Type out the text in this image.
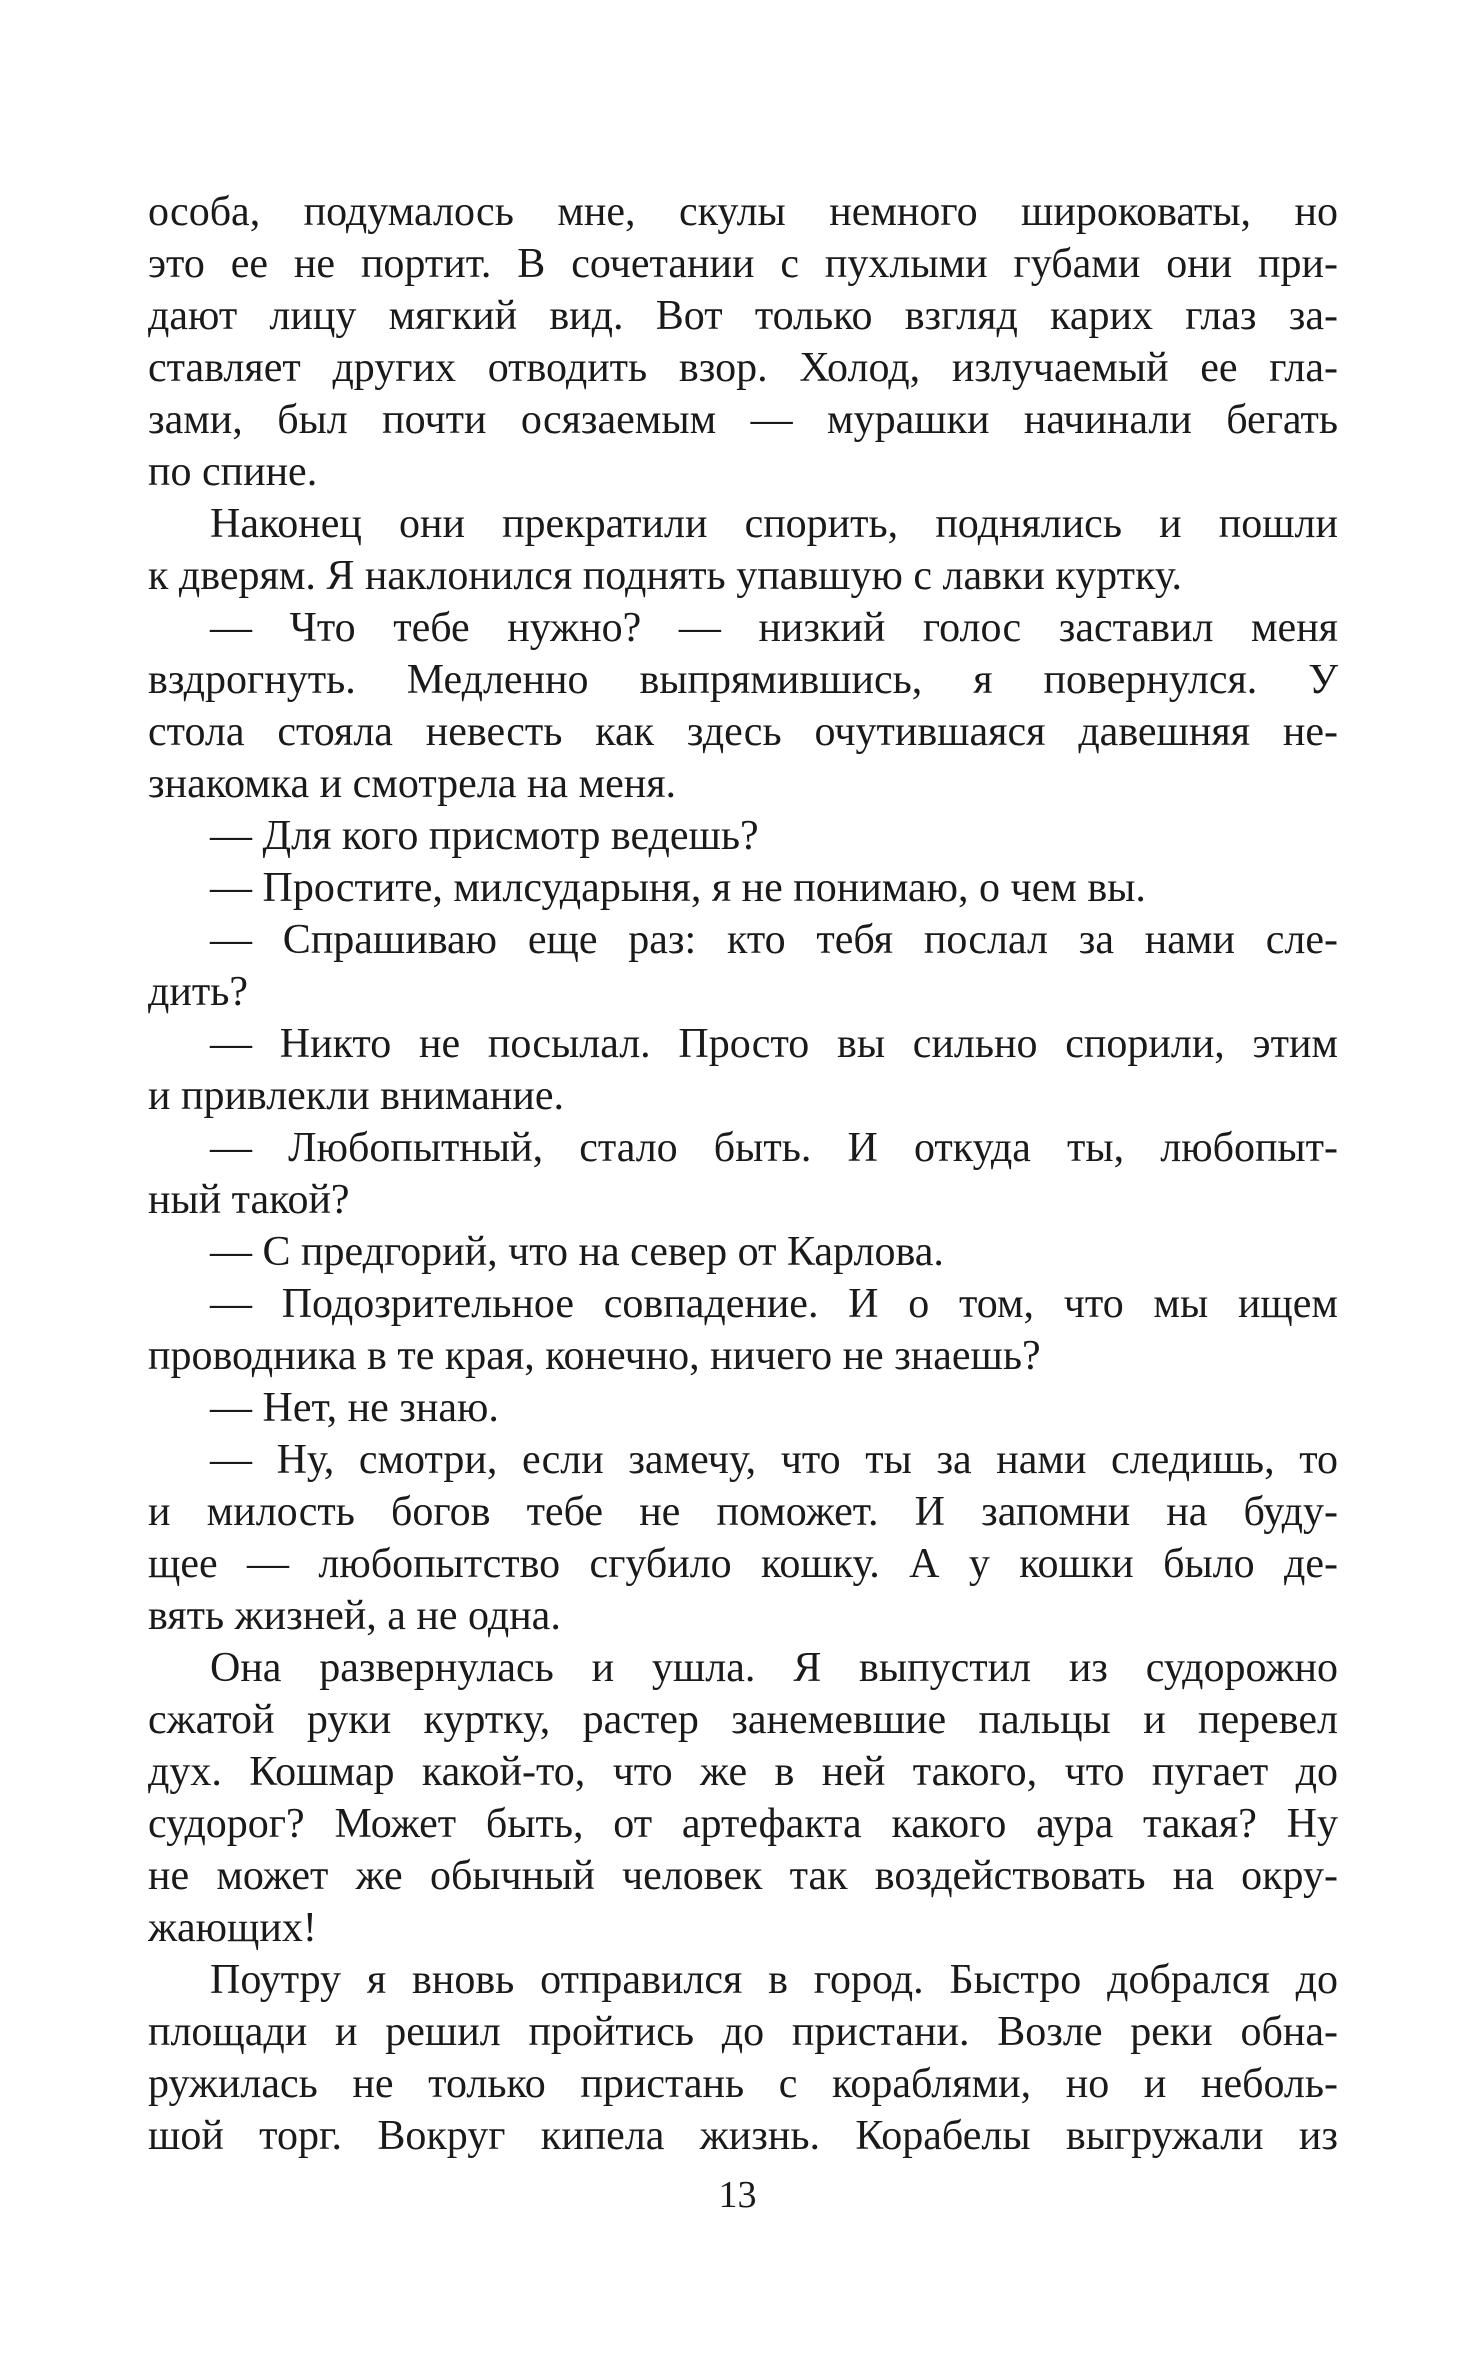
особа, подумалось мне, скулы немного широковаты, но
это ее не портит. В сочетании с пухлыми губами они при-
дают лицу мягкий вид. Вот только взгляд карих глаз за-
ставляет других отводить взор. Холод, излучаемый ее гла-
зами, был почти осязаемым — мурашки начинали бегать
по спине.
Наконец они прекратили спорить, поднялись и пошли
к дверям. Я наклонился поднять упавшую с лавки куртку.
— Что тебе нужно? — низкий голос заставил меня
вздрогнуть. Медленно выпрямившись, я повернулся. У
стола стояла невесть как здесь очутившаяся давешняя не-
знакомка и смотрела на меня.
— Для кого присмотр ведешь?
— Простите, милсударыня, я не понимаю, о чем вы.
— Спрашиваю еще раз: кто тебя послал за нами сле-
дить?
— Никто не посылал. Просто вы сильно спорили, этим
и привлекли внимание.
— Любопытный, стало быть. И откуда ты, любопыт-
ный такой?
— С предгорий, что на север от Карлова.
— Подозрительное совпадение. И о том, что мы ищем
проводника в те края, конечно, ничего не знаешь?
— Нет, не знаю.
— Ну, смотри, если замечу, что ты за нами следишь, то
и милость богов тебе не поможет. И запомни на буду-
щее — любопытство сгубило кошку. А у кошки было де-
вять жизней, а не одна.
Она развернулась и ушла. Я выпустил из судорожно
сжатой руки куртку, растер занемевшие пальцы и перевел
дух. Кошмар какой-то, что же в ней такого, что пугает до
судорог? Может быть, от артефакта какого аура такая? Ну
не может же обычный человек так воздействовать на окру-
жающих!
Поутру я вновь отправился в город. Быстро добрался до
площади и решил пройтись до пристани. Возле реки обна-
ружилась не только пристань с кораблями, но и неболь-
шой торг. Вокруг кипела жизнь. Корабелы выгружали из
13
